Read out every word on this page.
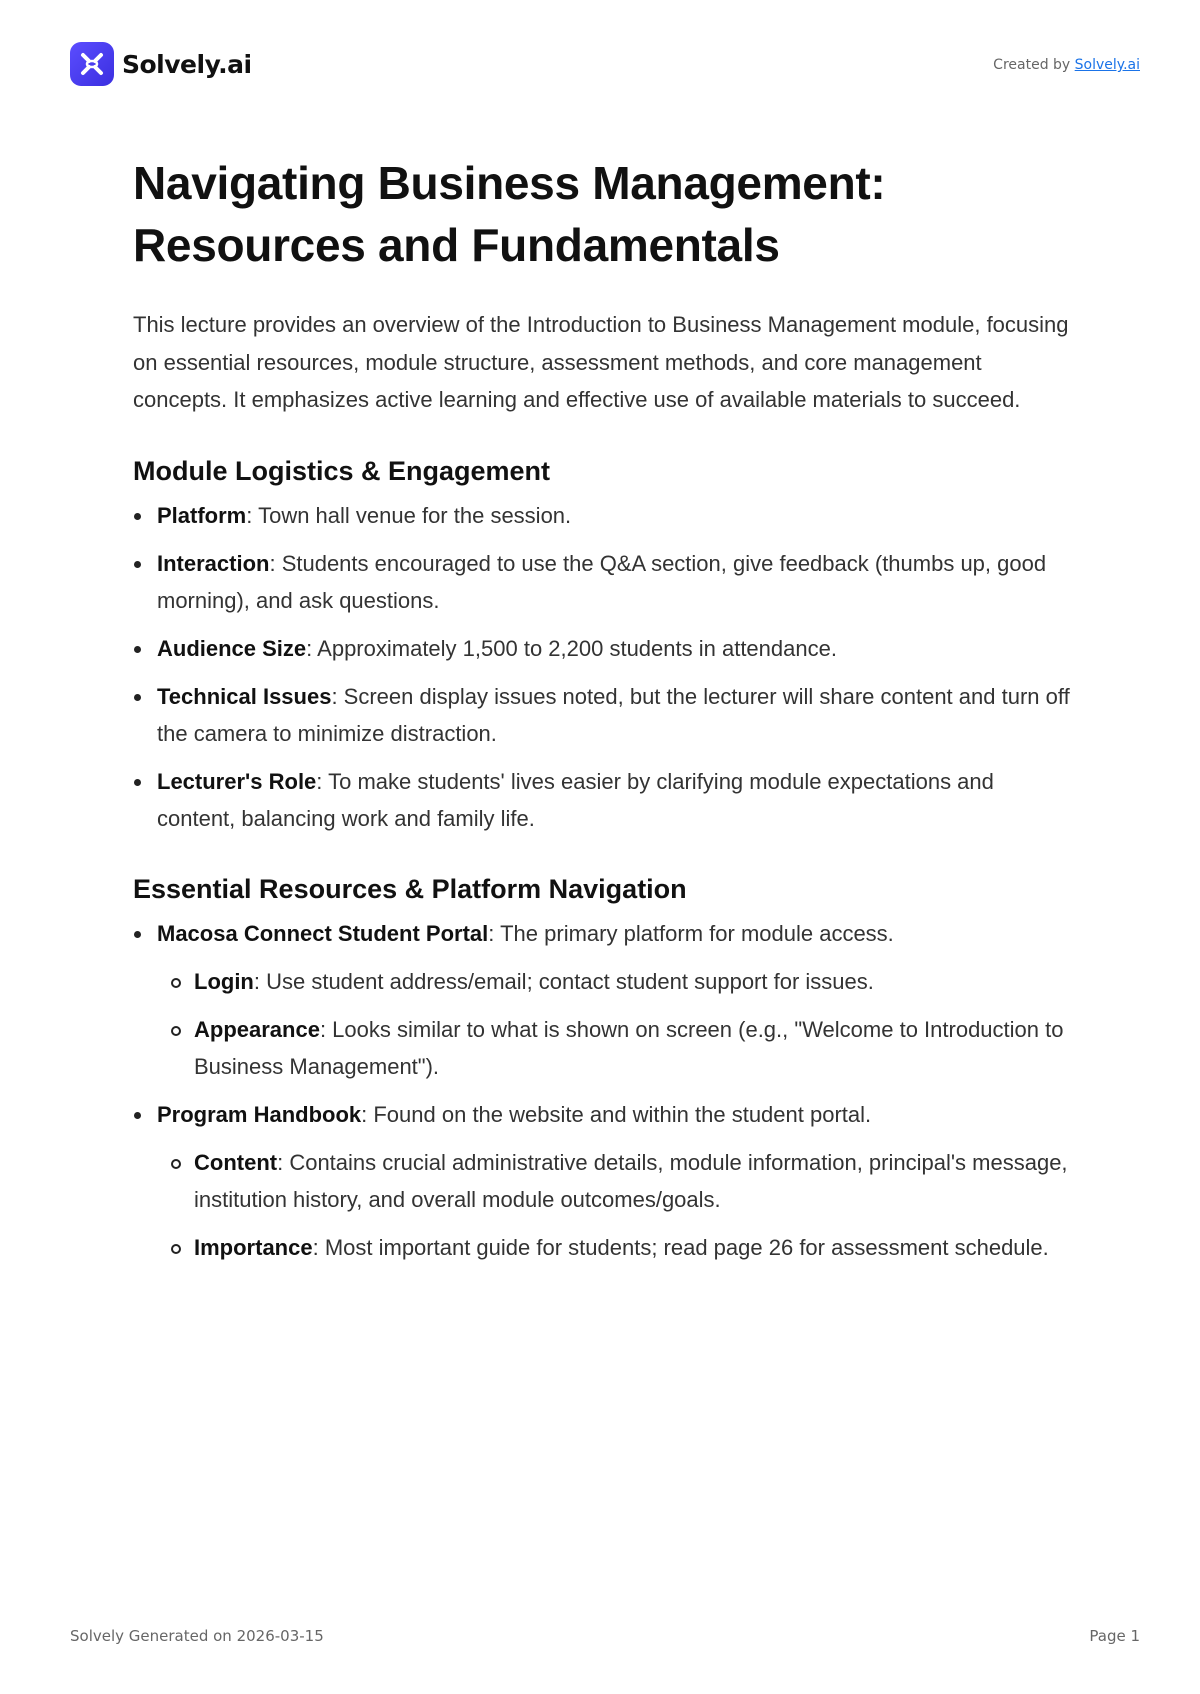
Solvely.ai	Created by Solvely.ai
Navigating Business Management: Resources and Fundamentals

This lecture provides an overview of the Introduction to Business Management module, focusing on essential resources, module structure, assessment methods, and core management concepts. It emphasizes active learning and effective use of available materials to succeed.

Module Logistics & Engagement
Platform: Town hall venue for the session.
Interaction: Students encouraged to use the Q&A section, give feedback (thumbs up, good morning), and ask questions.
Audience Size: Approximately 1,500 to 2,200 students in attendance.
Technical Issues: Screen display issues noted, but the lecturer will share content and turn off the camera to minimize distraction.
Lecturer's Role: To make students' lives easier by clarifying module expectations and content, balancing work and family life.
Essential Resources & Platform Navigation
Macosa Connect Student Portal: The primary platform for module access.
Login: Use student address/email; contact student support for issues.
Appearance: Looks similar to what is shown on screen (e.g., "Welcome to Introduction to Business Management").
Program Handbook: Found on the website and within the student portal.
Content: Contains crucial administrative details, module information, principal's message, institution history, and overall module outcomes/goals.
Importance: Most important guide for students; read page 26 for assessment schedule.
Solvely Generated on 2026-03-15	Page 1
